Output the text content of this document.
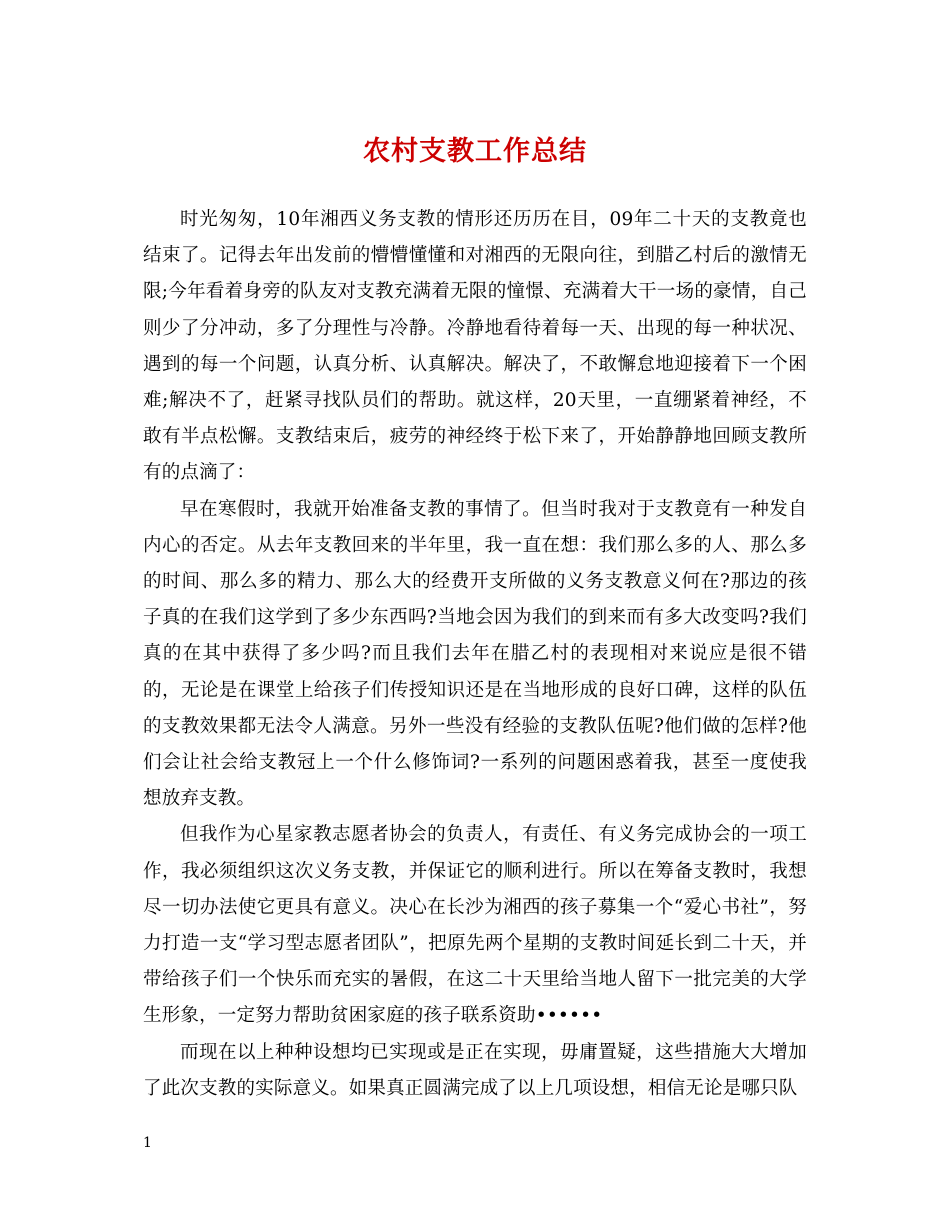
农村支教工作总结

时光匆匆，10年湘西义务支教的情形还历历在目，09年二十天的支教竟也结束了。记得去年出发前的懵懵懂懂和对湘西的无限向往，到腊乙村后的激情无限;今年看着身旁的队友对支教充满着无限的憧憬、充满着大干一场的豪情，自己则少了分冲动，多了分理性与冷静。冷静地看待着每一天、出现的每一种状况、遇到的每一个问题，认真分析、认真解决。解决了，不敢懈怠地迎接着下一个困难;解决不了，赶紧寻找队员们的帮助。就这样，20天里，一直绷紧着神经，不敢有半点松懈。支教结束后，疲劳的神经终于松下来了，开始静静地回顾支教所有的点滴了：

早在寒假时，我就开始准备支教的事情了。但当时我对于支教竟有一种发自内心的否定。从去年支教回来的半年里，我一直在想：我们那么多的人、那么多的时间、那么多的精力、那么大的经费开支所做的义务支教意义何在?那边的孩子真的在我们这学到了多少东西吗?当地会因为我们的到来而有多大改变吗?我们真的在其中获得了多少吗?而且我们去年在腊乙村的表现相对来说应是很不错的，无论是在课堂上给孩子们传授知识还是在当地形成的良好口碑，这样的队伍的支教效果都无法令人满意。另外一些没有经验的支教队伍呢?他们做的怎样?他们会让社会给支教冠上一个什么修饰词?一系列的问题困惑着我，甚至一度使我想放弃支教。

但我作为心星家教志愿者协会的负责人，有责任、有义务完成协会的一项工作，我必须组织这次义务支教，并保证它的顺利进行。所以在筹备支教时，我想尽一切办法使它更具有意义。决心在长沙为湘西的孩子募集一个“爱心书社”，努力打造一支“学习型志愿者团队”，把原先两个星期的支教时间延长到二十天，并带给孩子们一个快乐而充实的暑假，在这二十天里给当地人留下一批完美的大学生形象，一定努力帮助贫困家庭的孩子联系资助••••••

而现在以上种种设想均已实现或是正在实现，毋庸置疑，这些措施大大增加了此次支教的实际意义。如果真正圆满完成了以上几项设想，相信无论是哪只队

1
